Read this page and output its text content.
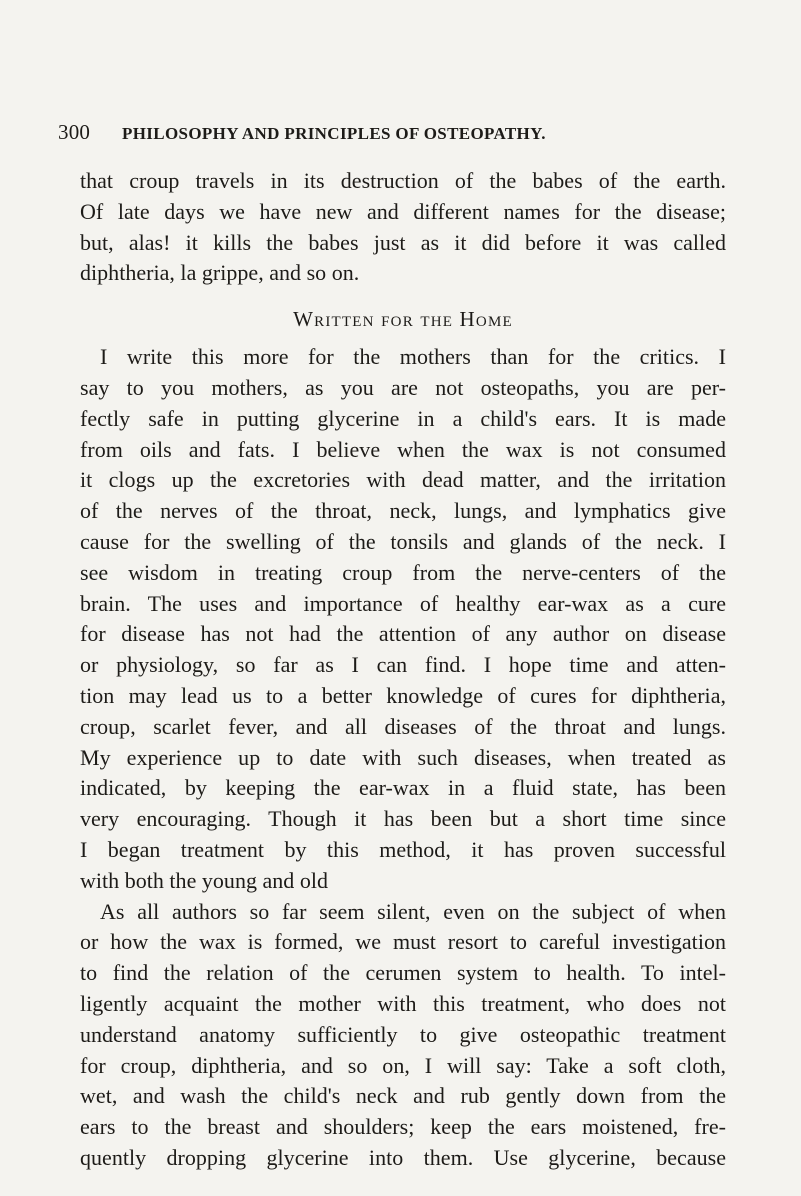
300	PHILOSOPHY AND PRINCIPLES OF OSTEOPATHY.
that croup travels in its destruction of the babes of the earth.
Of late days we have new and different names for the disease;
but, alas! it kills the babes just as it did before it was called
diphtheria, la grippe, and so on.
Written for the Home
I write this more for the mothers than for the critics. I
say to you mothers, as you are not osteopaths, you are per-
fectly safe in putting glycerine in a child's ears. It is made
from oils and fats. I believe when the wax is not consumed
it clogs up the excretories with dead matter, and the irritation
of the nerves of the throat, neck, lungs, and lymphatics give
cause for the swelling of the tonsils and glands of the neck. I
see wisdom in treating croup from the nerve-centers of the
brain. The uses and importance of healthy ear-wax as a cure
for disease has not had the attention of any author on disease
or physiology, so far as I can find. I hope time and atten-
tion may lead us to a better knowledge of cures for diphtheria,
croup, scarlet fever, and all diseases of the throat and lungs.
My experience up to date with such diseases, when treated as
indicated, by keeping the ear-wax in a fluid state, has been
very encouraging. Though it has been but a short time since
I began treatment by this method, it has proven successful
with both the young and old
As all authors so far seem silent, even on the subject of when
or how the wax is formed, we must resort to careful investigation
to find the relation of the cerumen system to health. To intel-
ligently acquaint the mother with this treatment, who does not
understand anatomy sufficiently to give osteopathic treatment
for croup, diphtheria, and so on, I will say: Take a soft cloth,
wet, and wash the child's neck and rub gently down from the
ears to the breast and shoulders; keep the ears moistened, fre-
quently dropping glycerine into them. Use glycerine, because
